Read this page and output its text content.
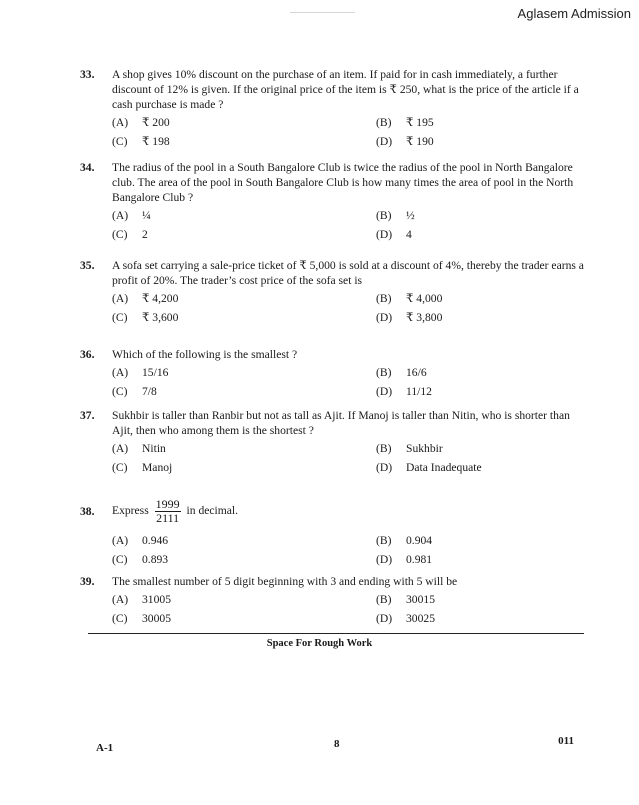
Aglasem Admission
33.	A shop gives 10% discount on the purchase of an item. If paid for in cash immediately, a further discount of 12% is given. If the original price of the item is ₹ 250, what is the price of the article if a cash purchase is made ?
(A)	₹ 200	(B)	₹ 195
(C)	₹ 198	(D)	₹ 190
34.	The radius of the pool in a South Bangalore Club is twice the radius of the pool in North Bangalore club. The area of the pool in South Bangalore Club is how many times the area of pool in the North Bangalore Club ?
(A)	¼	(B)	½
(C)	2	(D)	4
35.	A sofa set carrying a sale-price ticket of ₹ 5,000 is sold at a discount of 4%, thereby the trader earns a profit of 20%. The trader’s cost price of the sofa set is
(A)	₹ 4,200	(B)	₹ 4,000
(C)	₹ 3,600	(D)	₹ 3,800
36.	Which of the following is the smallest ?
(A)	15/16	(B)	16/6
(C)	7/8	(D)	11/12
37.	Sukhbir is taller than Ranbir but not as tall as Ajit. If Manoj is taller than Nitin, who is shorter than Ajit, then who among them is the shortest ?
(A)	Nitin	(B)	Sukhbir
(C)	Manoj	(D)	Data Inadequate
38.	Express $\frac{1999}{2111}$ in decimal.
(A)	0.946	(B)	0.904
(C)	0.893	(D)	0.981
39.	The smallest number of 5 digit beginning with 3 and ending with 5 will be
(A)	31005	(B)	30015
(C)	30005	(D)	30025
Space For Rough Work
A-1	8	011
